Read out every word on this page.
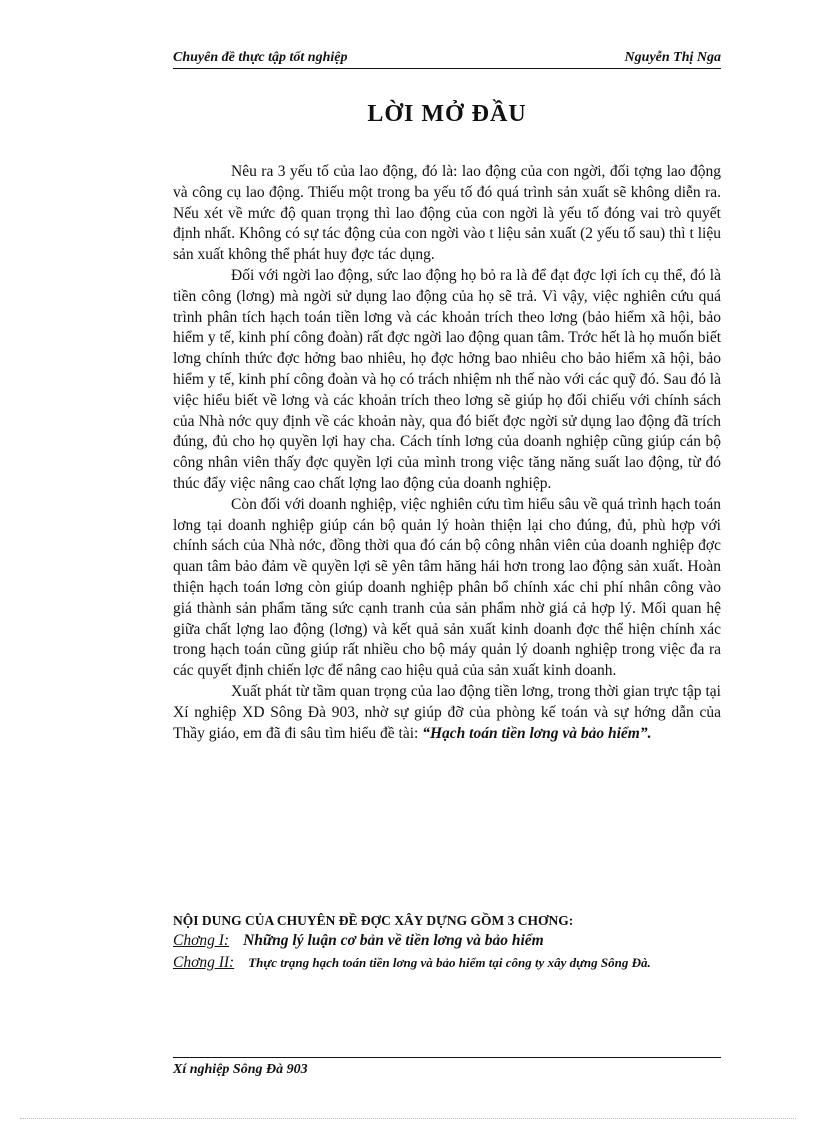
Chuyên đề thực tập tốt nghiệp	Nguyễn Thị Nga
LỜI MỞ ĐẦU

Nêu ra 3 yếu tố của lao động, đó là: lao động của con ngời, đối tợng lao động và công cụ lao động. Thiếu một trong ba yếu tố đó quá trình sản xuất sẽ không diễn ra. Nếu xét về mức độ quan trọng thì lao động của con ngời là yếu tố đóng vai trò quyết định nhất. Không có sự tác động của con ngời vào t liệu sản xuất (2 yếu tố sau) thì t liệu sản xuất không thể phát huy đợc tác dụng.

Đối với ngời lao động, sức lao động họ bỏ ra là để đạt đợc lợi ích cụ thể, đó là tiền công (lơng) mà ngời sử dụng lao động của họ sẽ trả. Vì vậy, việc nghiên cứu quá trình phân tích hạch toán tiền lơng và các khoản trích theo lơng (bảo hiểm xã hội, bảo hiểm y tế, kinh phí công đoàn) rất đợc ngời lao động quan tâm. Trớc hết là họ muốn biết lơng chính thức đợc hởng bao nhiêu, họ đợc hởng bao nhiêu cho bảo hiểm xã hội, bảo hiểm y tế, kinh phí công đoàn và họ có trách nhiệm nh thế nào với các quỹ đó. Sau đó là việc hiểu biết về lơng và các khoản trích theo lơng sẽ giúp họ đối chiếu với chính sách của Nhà nớc quy định về các khoản này, qua đó biết đợc ngời sử dụng lao động đã trích đúng, đủ cho họ quyền lợi hay cha. Cách tính lơng của doanh nghiệp cũng giúp cán bộ công nhân viên thấy đợc quyền lợi của mình trong việc tăng năng suất lao động, từ đó thúc đẩy việc nâng cao chất lợng lao động của doanh nghiệp.

Còn đối với doanh nghiệp, việc nghiên cứu tìm hiểu sâu về quá trình hạch toán lơng tại doanh nghiệp giúp cán bộ quản lý hoàn thiện lại cho đúng, đủ, phù hợp với chính sách của Nhà nớc, đồng thời qua đó cán bộ công nhân viên của doanh nghiệp đợc quan tâm bảo đảm về quyền lợi sẽ yên tâm hăng hái hơn trong lao động sản xuất. Hoàn thiện hạch toán lơng còn giúp doanh nghiệp phân bổ chính xác chi phí nhân công vào giá thành sản phẩm tăng sức cạnh tranh của sản phẩm nhờ giá cả hợp lý. Mối quan hệ giữa chất lợng lao động (lơng) và kết quả sản xuất kinh doanh đợc thể hiện chính xác trong hạch toán cũng giúp rất nhiều cho bộ máy quản lý doanh nghiệp trong việc đa ra các quyết định chiến lợc để nâng cao hiệu quả của sản xuất kinh doanh.

Xuất phát từ tầm quan trọng của lao động tiền lơng, trong thời gian trực tập tại Xí nghiệp XD Sông Đà 903, nhờ sự giúp đỡ của phòng kế toán và sự hớng dẫn của Thầy giáo, em đã đi sâu tìm hiểu đề tài: “Hạch toán tiền lơng và bảo hiểm”.

NỘI DUNG CỦA CHUYÊN ĐỀ ĐỢC XÂY DỰNG GỒM 3 CHƠNG:
Chơng I: Những lý luận cơ bản về tiền lơng và bảo hiểm
Chơng II: Thực trạng hạch toán tiền lơng và bảo hiểm tại công ty xây dựng Sông Đà.
Xí nghiệp Sông Đà 903
